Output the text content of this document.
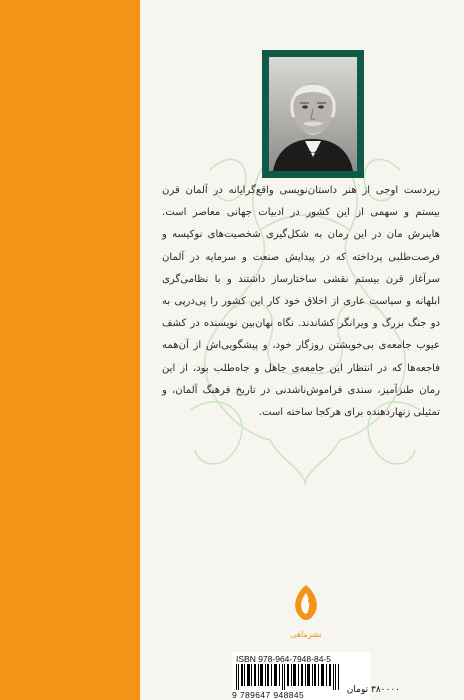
زیردست اوجی از هنر داستان‌نویسی واقع‌گرایانه در آلمان قرن بیستم و سهمی از این کشور در ادبیات جهانی معاصر است. هاینرش مان در این رمان به شکل‌گیری شخصیت‌های نوکیسه و فرصت‌طلبی پرداخته که در پیدایش صنعت و سرمایه در آلمان سرآغاز قرن بیستم نقشی ساختارساز داشتند و با نظامی‌گری ابلهانه و سیاست عاری از اخلاق خود کار این کشور را پی‌درپی به دو جنگ بزرگ و ویرانگر کشاندند. نگاه نهان‌بین نویسنده در کشف عیوب جامعه‌ی بی‌خویشتن روزگار خود، و پیشگویی‌اش از آن‌همه فاجعه‌ها که در انتظار این جامعه‌ی جاهل و جاه‌طلب بود، از این رمان طنزآمیز، سندی فراموش‌ناشدنی در تاریخ فرهنگ آلمان، و تمثیلی زنهاردهنده برای هرکجا ساخته است.

نشرماهی
ISBN 978-964-7948-84-5
9 789647 948845	۳۸۰۰۰۰ تومان
